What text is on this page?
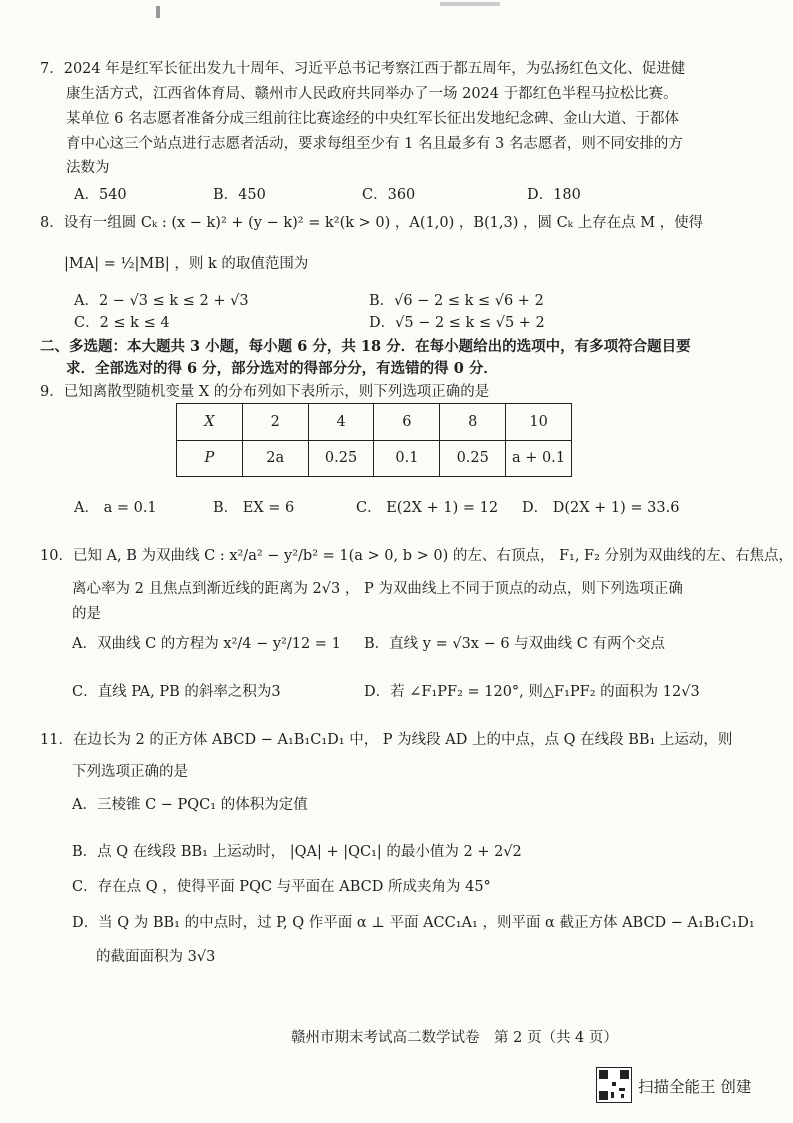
7．2024 年是红军长征出发九十周年、习近平总书记考察江西于都五周年，为弘扬红色文化、促进健
康生活方式，江西省体育局、赣州市人民政府共同举办了一场 2024 于都红色半程马拉松比赛。
某单位 6 名志愿者准备分成三组前往比赛途经的中央红军长征出发地纪念碑、金山大道、于都体
育中心这三个站点进行志愿者活动，要求每组至少有 1 名且最多有 3 名志愿者，则不同安排的方
法数为
A．540	B．450	C．360	D．180
8．设有一组圆 Cₖ : (x − k)² + (y − k)² = k²(k > 0) ，A(1,0) ，B(1,3) ，圆 Cₖ 上存在点 M ，使得
|MA| = ½|MB| ，则 k 的取值范围为
A．2 − √3 ≤ k ≤ 2 + √3	B．√6 − 2 ≤ k ≤ √6 + 2
C．2 ≤ k ≤ 4	D．√5 − 2 ≤ k ≤ √5 + 2
二、多选题：本大题共 3 小题，每小题 6 分，共 18 分．在每小题给出的选项中，有多项符合题目要
求．全部选对的得 6 分，部分选对的得部分分，有选错的得 0 分．
9．已知离散型随机变量 X 的分布列如下表所示，则下列选项正确的是
X	2	4	6	8	10
P	2a	0.25	0.1	0.25	a + 0.1
A． a = 0.1	B． EX = 6	C． E(2X + 1) = 12 D． D(2X + 1) = 33.6
10．已知 A, B 为双曲线 C : x²/a² − y²/b² = 1(a > 0, b > 0) 的左、右顶点， F₁, F₂ 分别为双曲线的左、右焦点，
离心率为 2 且焦点到渐近线的距离为 2√3 ， P 为双曲线上不同于顶点的动点，则下列选项正确
的是
A．双曲线 C 的方程为 x²/4 − y²/12 = 1 B．直线 y = √3x − 6 与双曲线 C 有两个交点
C．直线 PA, PB 的斜率之积为3	D．若 ∠F₁PF₂ = 120°, 则△F₁PF₂ 的面积为 12√3
11．在边长为 2 的正方体 ABCD − A₁B₁C₁D₁ 中， P 为线段 AD 上的中点，点 Q 在线段 BB₁ 上运动，则
下列选项正确的是
A．三棱锥 C − PQC₁ 的体积为定值
B．点 Q 在线段 BB₁ 上运动时， |QA| + |QC₁| 的最小值为 2 + 2√2
C．存在点 Q ，使得平面 PQC 与平面在 ABCD 所成夹角为 45°
D．当 Q 为 BB₁ 的中点时，过 P, Q 作平面 α ⊥ 平面 ACC₁A₁ ，则平面 α 截正方体 ABCD − A₁B₁C₁D₁
的截面面积为 3√3
赣州市期末考试高二数学试卷　第 2 页（共 4 页）
扫描全能王 创建
